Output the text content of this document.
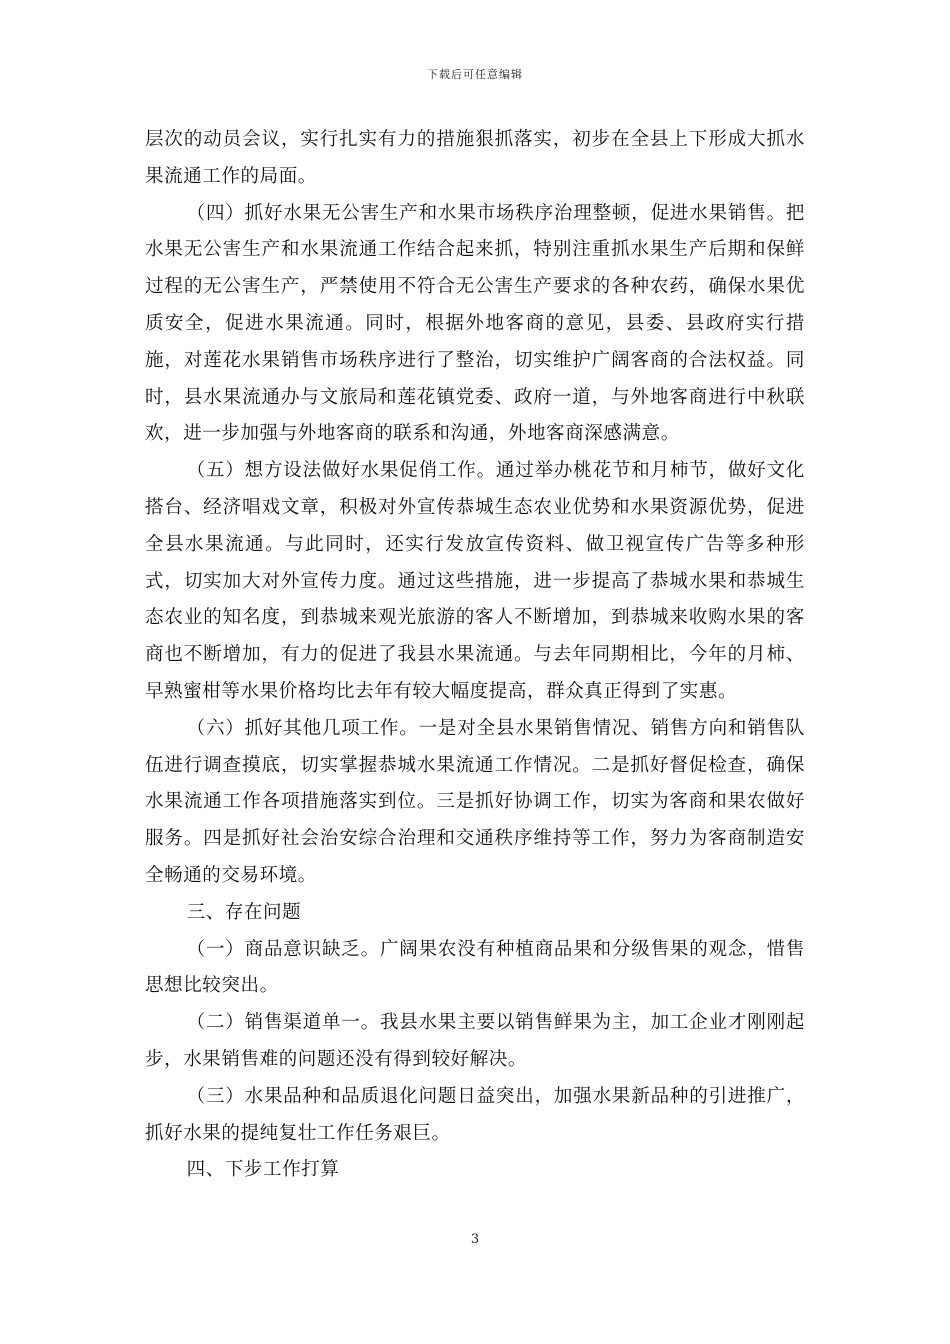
下载后可任意编辑

层次的动员会议，实行扎实有力的措施狠抓落实，初步在全县上下形成大抓水果流通工作的局面。

（四）抓好水果无公害生产和水果市场秩序治理整顿，促进水果销售。把水果无公害生产和水果流通工作结合起来抓，特别注重抓水果生产后期和保鲜过程的无公害生产，严禁使用不符合无公害生产要求的各种农药，确保水果优质安全，促进水果流通。同时，根据外地客商的意见，县委、县政府实行措施，对莲花水果销售市场秩序进行了整治，切实维护广阔客商的合法权益。同时，县水果流通办与文旅局和莲花镇党委、政府一道，与外地客商进行中秋联欢，进一步加强与外地客商的联系和沟通，外地客商深感满意。

（五）想方设法做好水果促俏工作。通过举办桃花节和月柿节，做好文化搭台、经济唱戏文章，积极对外宣传恭城生态农业优势和水果资源优势，促进全县水果流通。与此同时，还实行发放宣传资料、做卫视宣传广告等多种形式，切实加大对外宣传力度。通过这些措施，进一步提高了恭城水果和恭城生态农业的知名度，到恭城来观光旅游的客人不断增加，到恭城来收购水果的客商也不断增加，有力的促进了我县水果流通。与去年同期相比，今年的月柿、早熟蜜柑等水果价格均比去年有较大幅度提高，群众真正得到了实惠。

（六）抓好其他几项工作。一是对全县水果销售情况、销售方向和销售队伍进行调查摸底，切实掌握恭城水果流通工作情况。二是抓好督促检查，确保水果流通工作各项措施落实到位。三是抓好协调工作，切实为客商和果农做好服务。四是抓好社会治安综合治理和交通秩序维持等工作，努力为客商制造安全畅通的交易环境。

三、存在问题

（一）商品意识缺乏。广阔果农没有种植商品果和分级售果的观念，惜售思想比较突出。

（二）销售渠道单一。我县水果主要以销售鲜果为主，加工企业才刚刚起步，水果销售难的问题还没有得到较好解决。

（三）水果品种和品质退化问题日益突出，加强水果新品种的引进推广，抓好水果的提纯复壮工作任务艰巨。

四、下步工作打算

3
